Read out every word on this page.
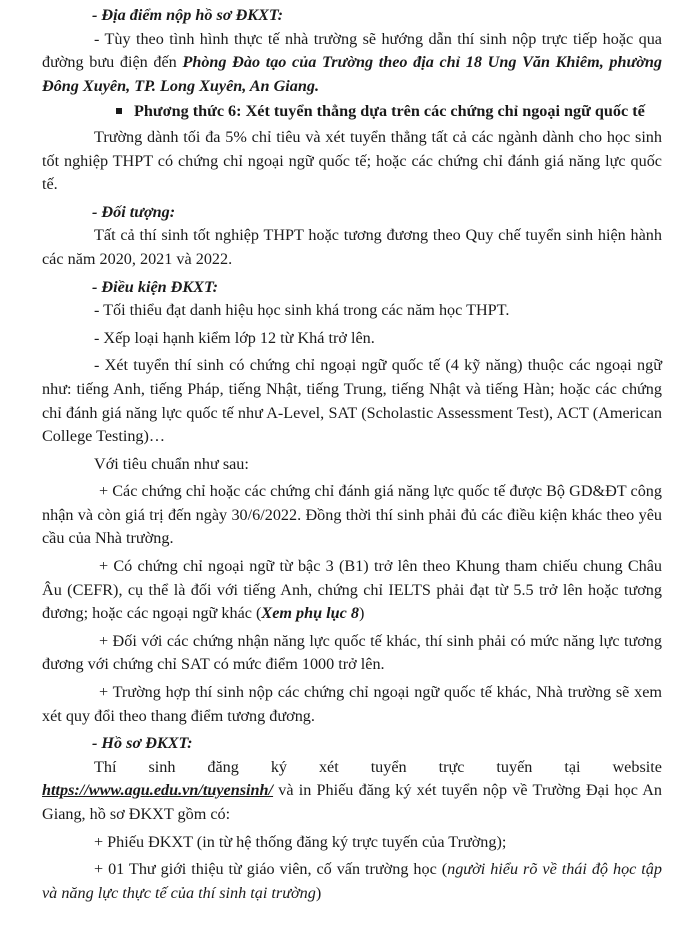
- Địa điểm nộp hồ sơ ĐKXT:

- Tùy theo tình hình thực tế nhà trường sẽ hướng dẫn thí sinh nộp trực tiếp hoặc qua đường bưu điện đến Phòng Đào tạo của Trường theo địa chỉ 18 Ung Văn Khiêm, phường Đông Xuyên, TP. Long Xuyên, An Giang.

Phương thức 6: Xét tuyển thẳng dựa trên các chứng chỉ ngoại ngữ quốc tế

Trường dành tối đa 5% chỉ tiêu và xét tuyển thẳng tất cả các ngành dành cho học sinh tốt nghiệp THPT có chứng chỉ ngoại ngữ quốc tế; hoặc các chứng chỉ đánh giá năng lực quốc tế.

- Đối tượng:

Tất cả thí sinh tốt nghiệp THPT hoặc tương đương theo Quy chế tuyển sinh hiện hành các năm 2020, 2021 và 2022.

- Điều kiện ĐKXT:

- Tối thiểu đạt danh hiệu học sinh khá trong các năm học THPT.

- Xếp loại hạnh kiểm lớp 12 từ Khá trở lên.

- Xét tuyển thí sinh có chứng chỉ ngoại ngữ quốc tế (4 kỹ năng) thuộc các ngoại ngữ như: tiếng Anh, tiếng Pháp, tiếng Nhật, tiếng Trung, tiếng Nhật và tiếng Hàn; hoặc các chứng chỉ đánh giá năng lực quốc tế như A-Level, SAT (Scholastic Assessment Test), ACT (American College Testing)…

Với tiêu chuẩn như sau:

+ Các chứng chỉ hoặc các chứng chỉ đánh giá năng lực quốc tế được Bộ GD&ĐT công nhận và còn giá trị đến ngày 30/6/2022. Đồng thời thí sinh phải đủ các điều kiện khác theo yêu cầu của Nhà trường.

+ Có chứng chỉ ngoại ngữ từ bậc 3 (B1) trở lên theo Khung tham chiếu chung Châu Âu (CEFR), cụ thể là đối với tiếng Anh, chứng chỉ IELTS phải đạt từ 5.5 trở lên hoặc tương đương; hoặc các ngoại ngữ khác (Xem phụ lục 8)

+ Đối với các chứng nhận năng lực quốc tế khác, thí sinh phải có mức năng lực tương đương với chứng chỉ SAT có mức điểm 1000 trở lên.

+ Trường hợp thí sinh nộp các chứng chỉ ngoại ngữ quốc tế khác, Nhà trường sẽ xem xét quy đổi theo thang điểm tương đương.

- Hồ sơ ĐKXT:

Thí sinh đăng ký xét tuyển trực tuyến tại website

https://www.agu.edu.vn/tuyensinh/ và in Phiếu đăng ký xét tuyển nộp về Trường Đại học An Giang, hồ sơ ĐKXT gồm có:

+ Phiếu ĐKXT (in từ hệ thống đăng ký trực tuyến của Trường);

+ 01 Thư giới thiệu từ giáo viên, cố vấn trường học (người hiểu rõ về thái độ học tập và năng lực thực tế của thí sinh tại trường)
